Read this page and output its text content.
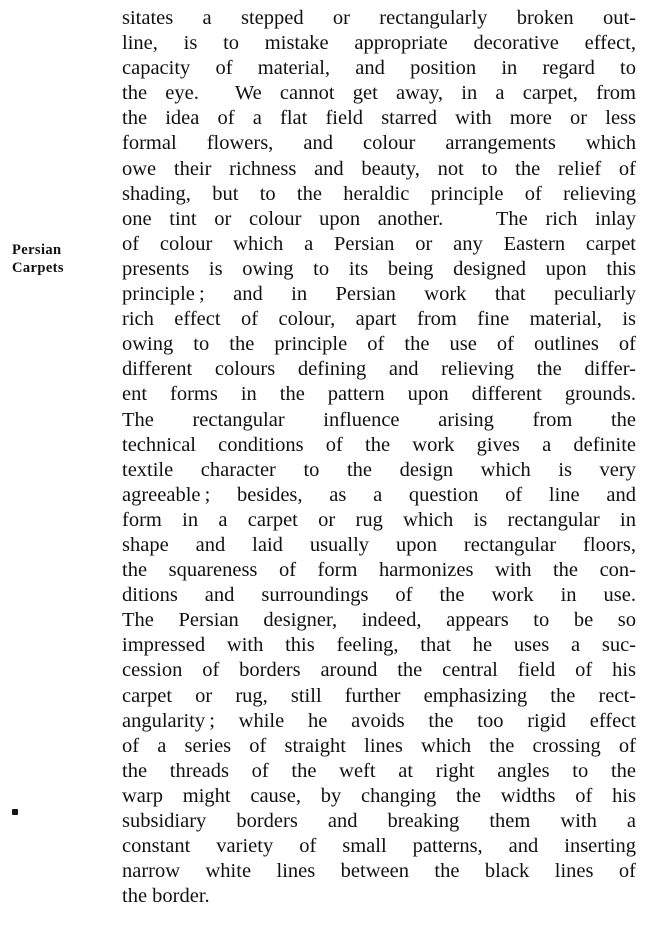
Persian
Carpets
sitates a stepped or rectangularly broken out-
line, is to mistake appropriate decorative effect,
capacity of material, and position in regard to
the eye.  We cannot get away, in a carpet, from
the idea of a flat field starred with more or less
formal flowers, and colour arrangements which
owe their richness and beauty, not to the relief of
shading, but to the heraldic principle of relieving
one tint or colour upon another.   The rich inlay
of colour which a Persian or any Eastern carpet
presents is owing to its being designed upon this
principle ; and in Persian work that peculiarly
rich effect of colour, apart from fine material, is
owing to the principle of the use of outlines of
different colours defining and relieving the differ-
ent forms in the pattern upon different grounds.
The rectangular influence arising from the
technical conditions of the work gives a definite
textile character to the design which is very
agreeable ; besides, as a question of line and
form in a carpet or rug which is rectangular in
shape and laid usually upon rectangular floors,
the squareness of form harmonizes with the con-
ditions and surroundings of the work in use.
The Persian designer, indeed, appears to be so
impressed with this feeling, that he uses a suc-
cession of borders around the central field of his
carpet or rug, still further emphasizing the rect-
angularity ; while he avoids the too rigid effect
of a series of straight lines which the crossing of
the threads of the weft at right angles to the
warp might cause, by changing the widths of his
subsidiary borders and breaking them with a
constant variety of small patterns, and inserting
narrow white lines between the black lines of
the border.
